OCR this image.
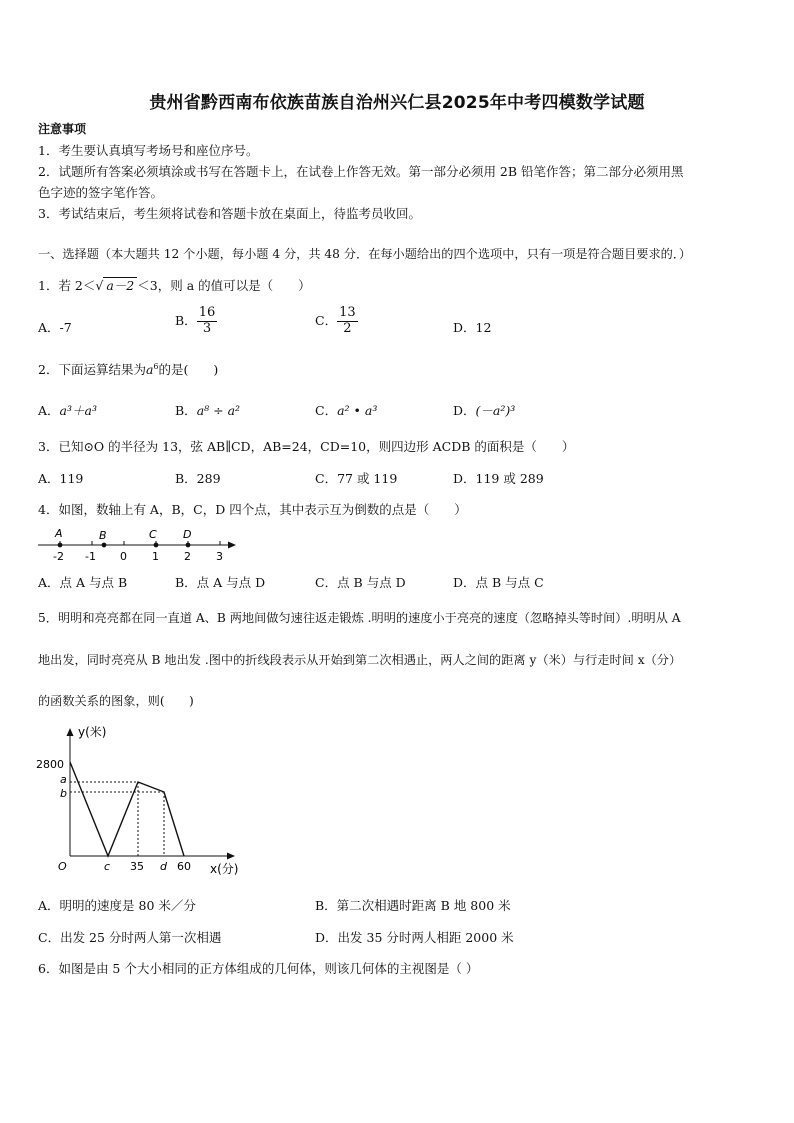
贵州省黔西南布依族苗族自治州兴仁县2025年中考四模数学试题
注意事项
1．考生要认真填写考场号和座位序号。
2．试题所有答案必须填涂或书写在答题卡上，在试卷上作答无效。第一部分必须用 2B 铅笔作答；第二部分必须用黑
色字迹的签字笔作答。
3．考试结束后，考生须将试卷和答题卡放在桌面上，待监考员收回。
一、选择题（本大题共 12 个小题，每小题 4 分，共 48 分．在每小题给出的四个选项中，只有一项是符合题目要求的．）
1．若 2＜√ a－2 ＜3，则 a 的值可以是（　　）
A．-7	B． $\frac{16}{3}$	C． $\frac{13}{2}$	D．12
2．下面运算结果为$a^6$的是(　　)
A．a³＋a³	B．a⁸ ÷ a²	C．a² • a³	D．(－a²)³
3．已知⊙O 的半径为 13，弦 AB∥CD，AB=24，CD=10，则四边形 ACDB 的面积是（　　）
A．119	B．289	C．77 或 119	D．119 或 289
4．如图，数轴上有 A，B，C，D 四个点，其中表示互为倒数的点是（　　）
A	B	C D
-2 -1 0 1 2 3
A．点 A 与点 B	B．点 A 与点 D	C．点 B 与点 D	D．点 B 与点 C
5．明明和亮亮都在同一直道 A、B 两地间做匀速往返走锻炼 .明明的速度小于亮亮的速度（忽略掉头等时间）.明明从 A
地出发，同时亮亮从 B 地出发 .图中的折线段表示从开始到第二次相遇止，两人之间的距离 y（米）与行走时间 x（分）
的函数关系的图象，则(　　)
y(米)
x(分)
2800
a
b
O	c 35 d 60
A．明明的速度是 80 米／分	B．第二次相遇时距离 B 地 800 米
C．出发 25 分时两人第一次相遇	D．出发 35 分时两人相距 2000 米
6．如图是由 5 个大小相同的正方体组成的几何体，则该几何体的主视图是（ ）
